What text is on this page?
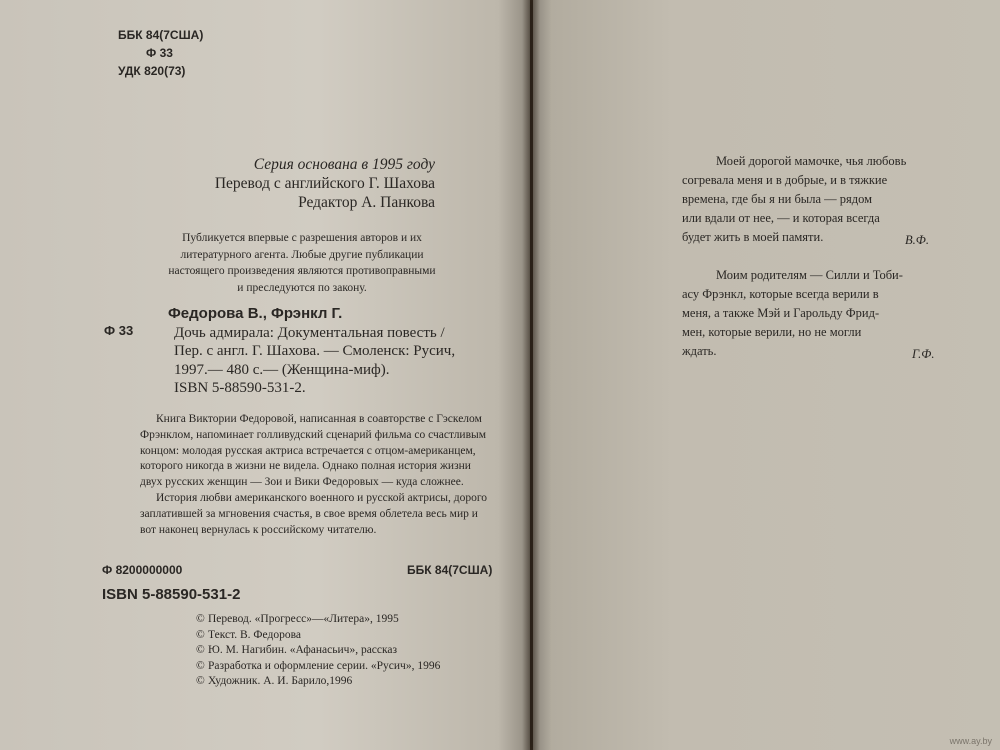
ББК 84(7США)
Ф 33
УДК 820(73)
Серия основана в 1995 году
Перевод с английского Г. Шахова
Редактор А. Панкова
Публикуется впервые с разрешения авторов и их
литературного агента. Любые другие публикации
настоящего произведения являются противоправными
и преследуются по закону.
Ф 33
Федорова В., Фрэнкл Г.
Дочь адмирала: Документальная повесть /
Пер. с англ. Г. Шахова. — Смоленск: Русич,
1997.— 480 с.— (Женщина-миф).
ISBN 5-88590-531-2.

Книга Виктории Федоровой, написанная в соавторстве с Гэскелом Фрэнклом, напоминает голливудский сценарий фильма со счастливым концом: молодая русская актриса встречается с отцом-американцем, которого никогда в жизни не видела. Однако полная история жизни двух русских женщин — Зои и Вики Федоровых — куда сложнее.

История любви американского военного и русской актрисы, дорого заплатившей за мгновения счастья, в свое время облетела весь мир и вот наконец вернулась к российскому читателю.

Ф 8200000000	ББК 84(7США)
ISBN 5-88590-531-2
© Перевод. «Прогресс»—«Литера», 1995
© Текст. В. Федорова
© Ю. М. Нагибин. «Афанасьич», рассказ
© Разработка и оформление серии. «Русич», 1996
© Художник. А. И. Барило,1996

Моей дорогой мамочке, чья любовь

согревала меня и в добрые, и в тяжкие

времена, где бы я ни была — рядом

или вдали от нее, — и которая всегда

будет жить в моей памяти.	В.Ф.

Моим родителям — Силли и Тоби-

асу Фрэнкл, которые всегда верили в

меня, а также Мэй и Гарольду Фрид-

мен, которые верили, но не могли

ждать.	Г.Ф.
www.ay.by
